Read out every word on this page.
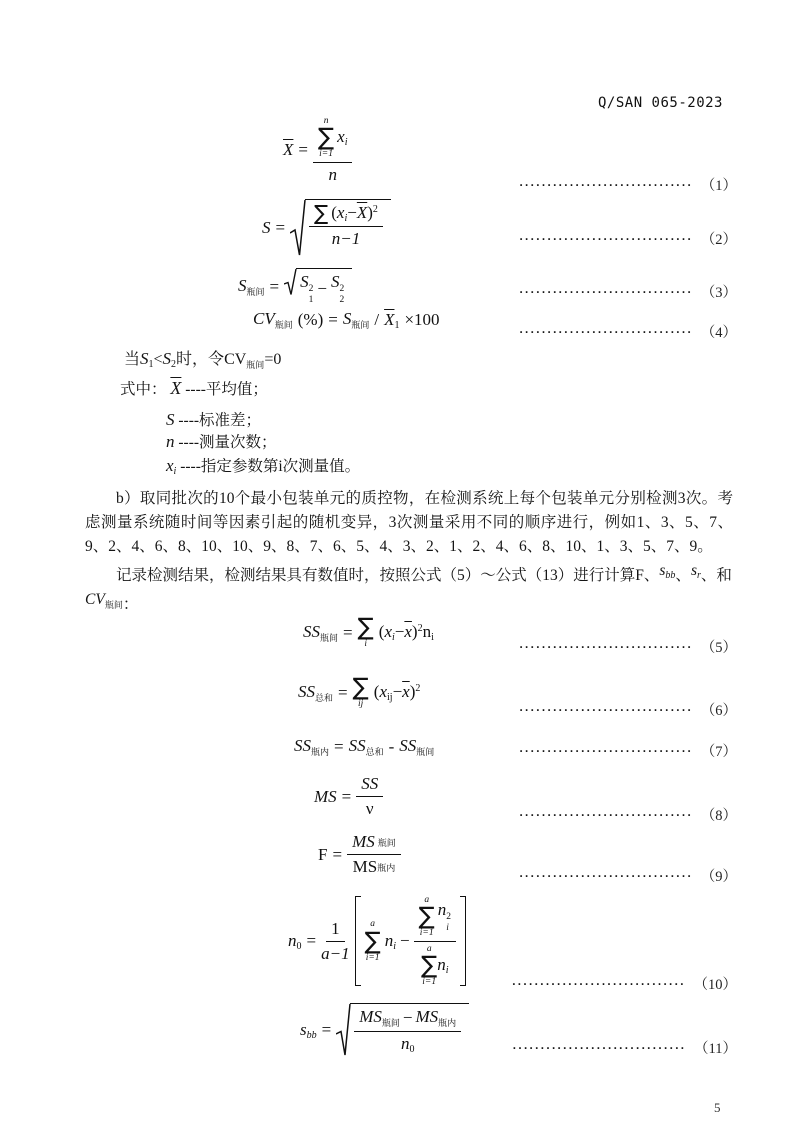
Q/SAN 065-2023
$\overline{X} = n$
∑
i=1
$x_i$
n	······························· （1）
$S = \frac{\sum (x_i-\overline{X})^2}{n-1}$	······························· （2）
$S_{瓶间} = S$ 2
1
− S 2
2
······························· （3）
$CV_{瓶间}$ (%) = $S_{瓶间} / \overline{X}_1 \times 100$
······························· （4）
当$S_1<S_2$时，令$CV_{瓶间}=0$
式中： $\overline{X}$ ----平均值；
S ----标准差；
n ----测量次数；
$x_i$ ----指定参数第i次测量值。

b）取同批次的10个最小包装单元的质控物，在检测系统上每个包装单元分别检测3次。考虑测量系统随时间等因素引起的随机变异，3次测量采用不同的顺序进行，例如1、3、5、7、9、2、4、6、8、10、10、9、8、7、6、5、4、3、2、1、2、4、6、8、10、1、3、5、7、9。

记录检测结果，检测结果具有数值时，按照公式（5）～公式（13）进行计算F、$s_{bb}$、$s_r$、和$CV_{瓶间}$：

$SS_{瓶间}$ = ∑
i
$(x_i-\overline{x})^2n_i$
······························· （5）
$SS_{总和}$ = ∑
ij
$(x_{ij}-\overline{x})^2$
······························· （6）
$SS_{瓶内} = SS_{总和} - SS_{瓶间}$	······························· （7）
MS = $\frac{SS}{\nu}$	······························· （8）
$F = \frac{\text{MS 瓶间}}{\text{MS 瓶内}}$	······························· （9）
$n_0 = \frac{1}{a-1}$ a
∑
i=1
$n_i - a$
∑
i=1
n 2
i
a
∑
i=1
$n_i$	······························· （10）
$s_{bb} = \frac{MS_{瓶间} - MS_{瓶内}}{n_0}$	······························· （11）
5
